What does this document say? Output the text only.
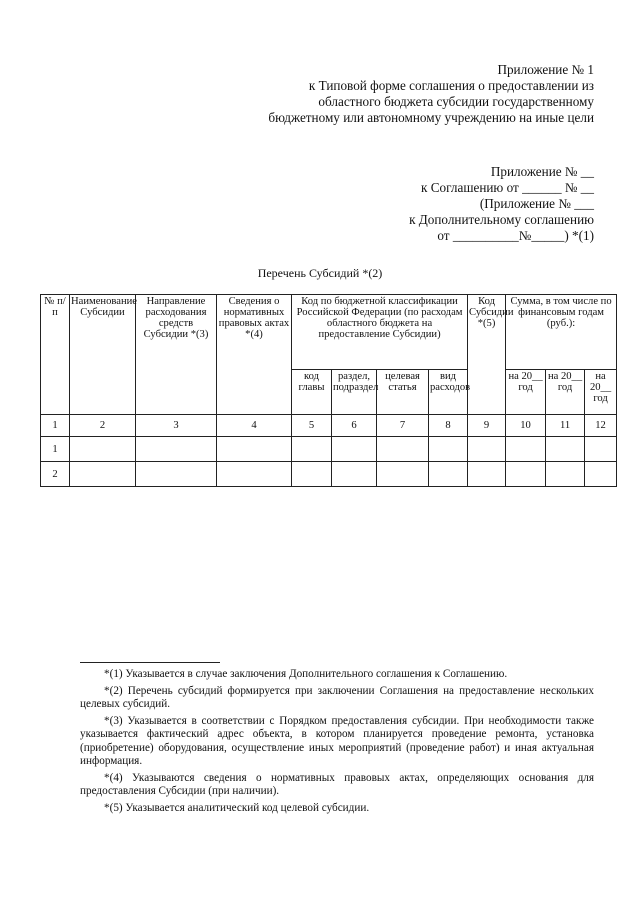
Приложение № 1
к Типовой форме соглашения о предоставлении из
областного бюджета субсидии государственному
бюджетному или автономному учреждению на иные цели
Приложение № __
к Соглашению от ______ № __
(Приложение № ___
к Дополнительному соглашению
от __________№_____) *(1)
Перечень Субсидий *(2)
№ п/п	Наименование Субсидии	Направление расходования средств Субсидии *(3)	Сведения о нормативных правовых актах *(4)	Код по бюджетной классификации Российской Федерации (по расходам областного бюджета на предоставление Субсидии)				Код Субсидии *(5)	Сумма, в том числе по финансовым годам (руб.):		
				код главы	раздел, подраздел	целевая статья	вид расходов		на 20__ год	на 20__ год	на 20__ год
1	2	3	4	5	6	7	8	9	10	11	12
1											
2											

*(1) Указывается в случае заключения Дополнительного соглашения к Соглашению.

*(2) Перечень субсидий формируется при заключении Соглашения на предоставление нескольких целевых субсидий.

*(3) Указывается в соответствии с Порядком предоставления субсидии. При необходимости также указывается фактический адрес объекта, в котором планируется проведение ремонта, установка (приобретение) оборудования, осуществление иных мероприятий (проведение работ) и иная актуальная информация.

*(4) Указываются сведения о нормативных правовых актах, определяющих основания для предоставления Субсидии (при наличии).

*(5) Указывается аналитический код целевой субсидии.
